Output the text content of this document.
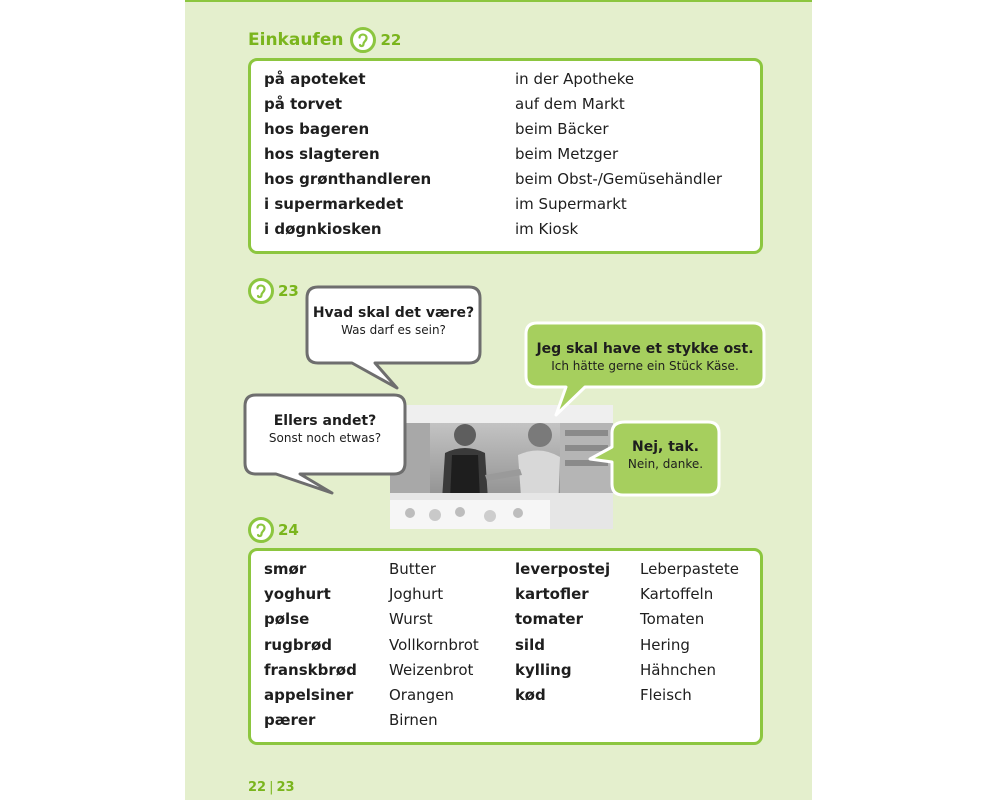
Einkaufen 22
på apoteket	in der Apotheke
på torvet	auf dem Markt
hos bageren	beim Bäcker
hos slagteren	beim Metzger
hos grønthandleren	beim Obst-/Gemüsehändler
i supermarkedet	im Supermarkt
i døgnkiosken	im Kiosk
23
Hvad skal det være?
Was darf es sein?
Jeg skal have et stykke ost.
Ich hätte gerne ein Stück Käse.
Ellers andet?
Sonst noch etwas?
Nej, tak.
Nein, danke.
24
smør	Butter	leverpostej Leberpastete
yoghurt	Joghurt	kartofler	Kartoffeln
pølse	Wurst	tomater	Tomaten
rugbrød	Vollkornbrot sild	Hering
franskbrød Weizenbrot	kylling	Hähnchen
appelsiner Orangen	kød	Fleisch
pærer	Birnen
22 | 23
